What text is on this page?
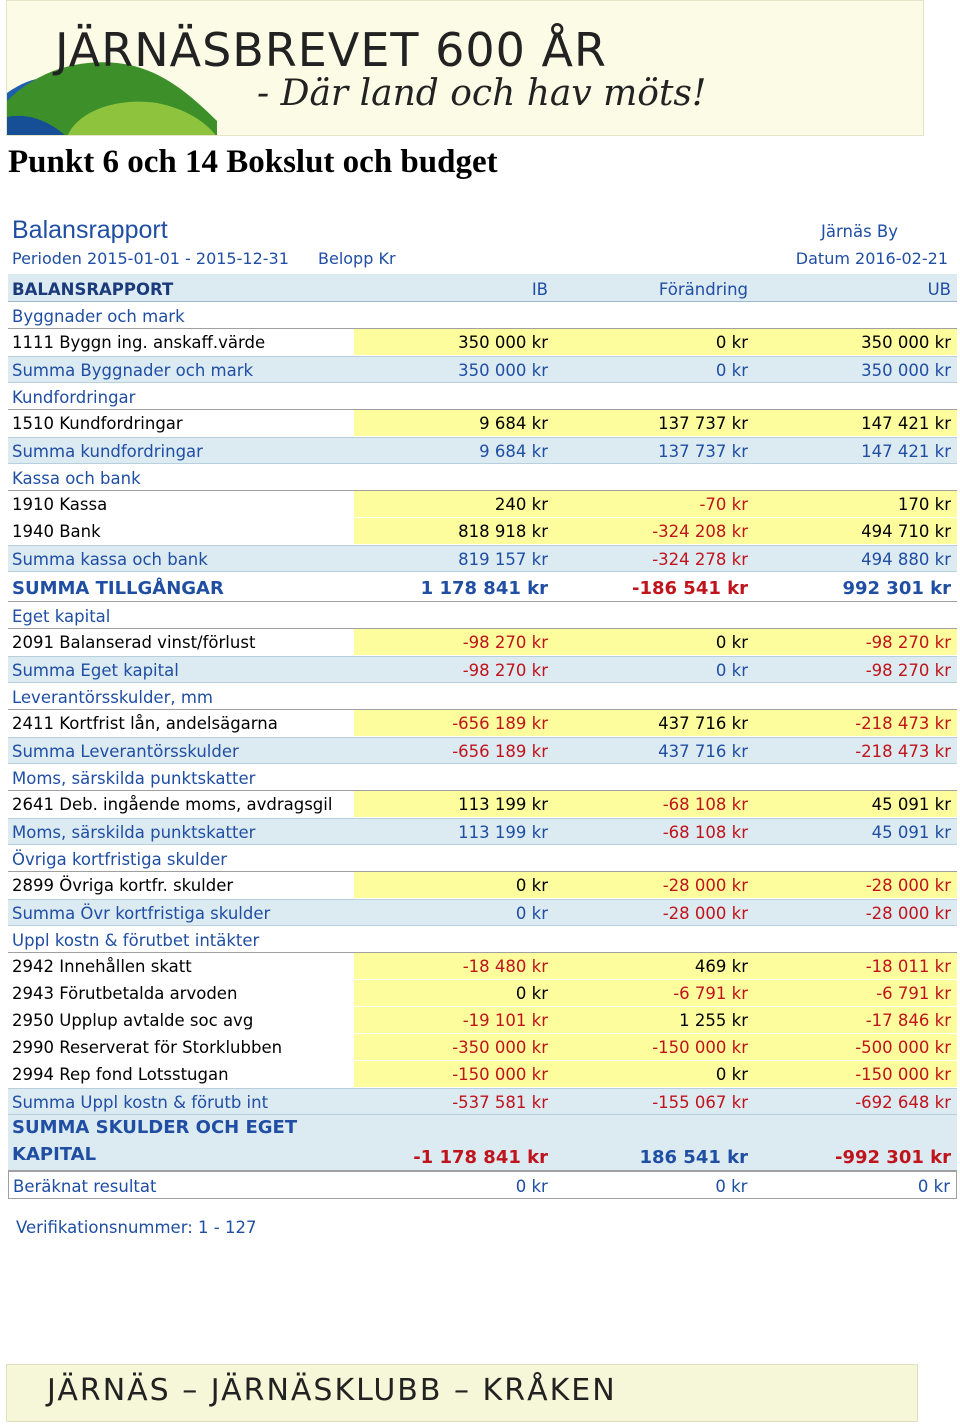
JÄRNÄSBREVET 600 ÅR
- Där land och hav möts!
Punkt 6 och 14 Bokslut och budget
Balansrapport	Järnäs By
Perioden 2015-01-01 - 2015-12-31 Belopp Kr	Datum 2016-02-21
BALANSRAPPORT	IB	Förändring	UB
Byggnader och mark
1111 Byggn ing. anskaff.värde	350 000 kr	0 kr	350 000 kr
Summa Byggnader och mark	350 000 kr	0 kr	350 000 kr
Kundfordringar
1510 Kundfordringar	9 684 kr	137 737 kr	147 421 kr
Summa kundfordringar	9 684 kr	137 737 kr	147 421 kr
Kassa och bank
1910 Kassa	240 kr	-70 kr	170 kr
1940 Bank	818 918 kr	-324 208 kr	494 710 kr
Summa kassa och bank	819 157 kr	-324 278 kr	494 880 kr
SUMMA TILLGÅNGAR	1 178 841 kr	-186 541 kr	992 301 kr
Eget kapital
2091 Balanserad vinst/förlust	-98 270 kr	0 kr	-98 270 kr
Summa Eget kapital	-98 270 kr	0 kr	-98 270 kr
Leverantörsskulder, mm
2411 Kortfrist lån, andelsägarna	-656 189 kr	437 716 kr	-218 473 kr
Summa Leverantörsskulder	-656 189 kr	437 716 kr	-218 473 kr
Moms, särskilda punktskatter
2641 Deb. ingående moms, avdragsgil	113 199 kr	-68 108 kr	45 091 kr
Moms, särskilda punktskatter	113 199 kr	-68 108 kr	45 091 kr
Övriga kortfristiga skulder
2899 Övriga kortfr. skulder	0 kr	-28 000 kr	-28 000 kr
Summa Övr kortfristiga skulder	0 kr	-28 000 kr	-28 000 kr
Uppl kostn & förutbet intäkter
2942 Innehållen skatt	-18 480 kr	469 kr	-18 011 kr
2943 Förutbetalda arvoden	0 kr	-6 791 kr	-6 791 kr
2950 Upplup avtalde soc avg	-19 101 kr	1 255 kr	-17 846 kr
2990 Reserverat för Storklubben	-350 000 kr	-150 000 kr	-500 000 kr
2994 Rep fond Lotsstugan	-150 000 kr	0 kr	-150 000 kr
Summa Uppl kostn & förutb int	-537 581 kr	-155 067 kr	-692 648 kr
SUMMA SKULDER OCH EGET KAPITAL	-1 178 841 kr	186 541 kr	-992 301 kr
Beräknat resultat	0 kr	0 kr	0 kr
Verifikationsnummer: 1 - 127
JÄRNÄS – JÄRNÄSKLUBB – KRÅKEN
